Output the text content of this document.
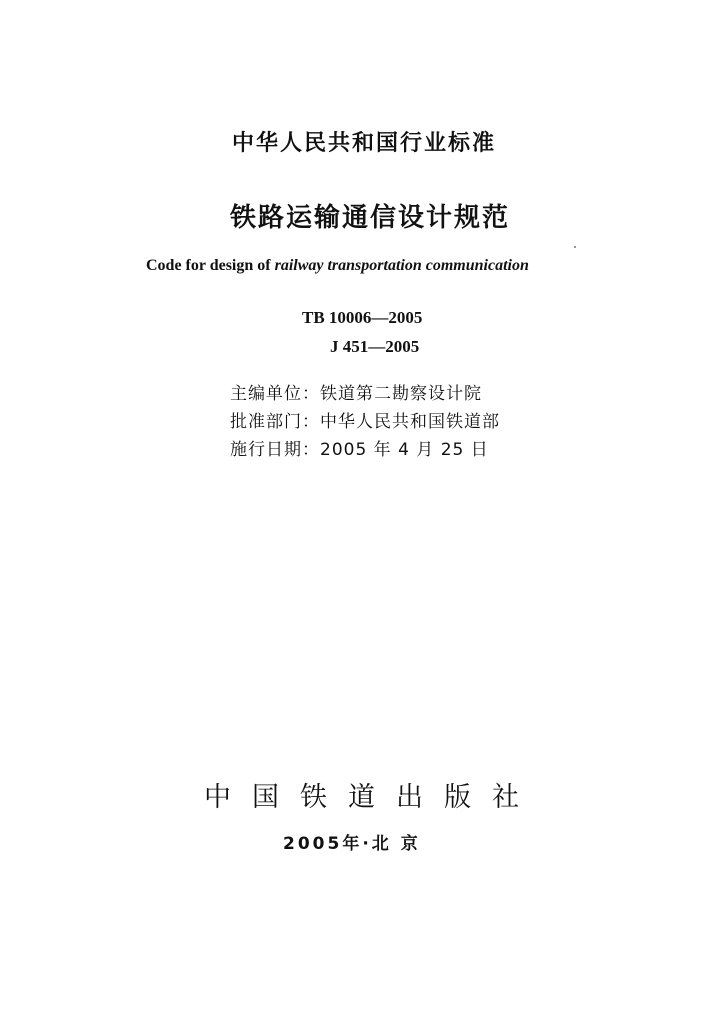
中华人民共和国行业标准
铁路运输通信设计规范
Code for design of railway transportation communication
TB 10006—2005
J 451—2005
主编单位：铁道第二勘察设计院
批准部门：中华人民共和国铁道部
施行日期：2005 年 4 月 25 日
中国铁道出版社
2005年·北 京
